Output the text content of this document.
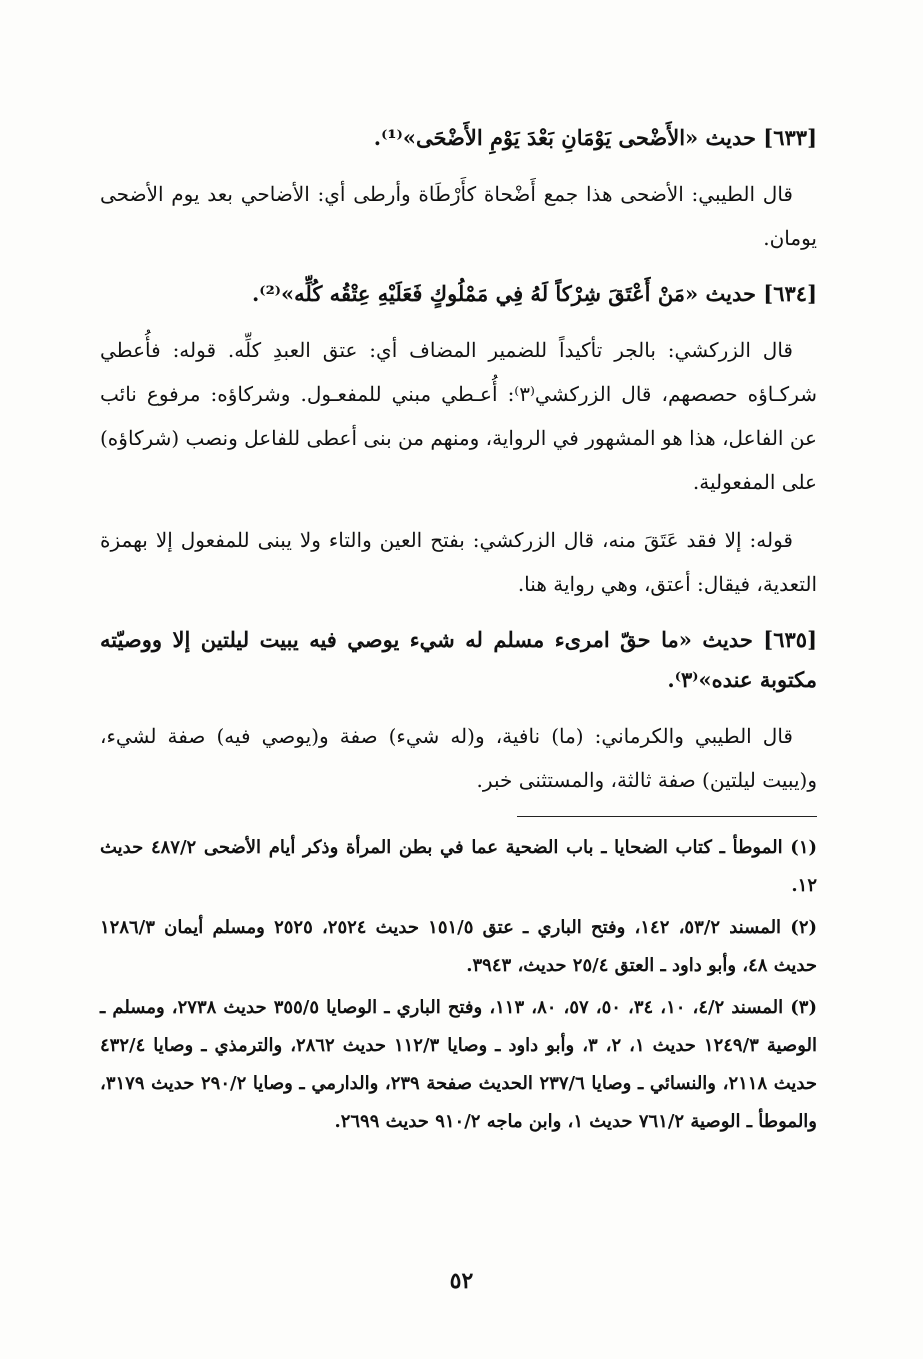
[٦٣٣] حديث «الأَضْحى يَوْمَانِ بَعْدَ يَوْمِ الأَضْحَى»⁽¹⁾.

قال الطيبي: الأضحى هذا جمع أَضْحاة كأَرْطَاة وأرطى أي: الأضاحي بعد يوم الأضحى يومان.

[٦٣٤] حديث «مَنْ أَعْتَقَ شِرْكاً لَهُ فِي مَمْلُوكٍ فَعَلَيْهِ عِتْقُه كُلِّه»⁽²⁾.

قال الزركشي: بالجر تأكيداً للضمير المضاف أي: عتق العبدِ كلِّه. قوله: فأُعطي شركـاؤه حصصهم، قال الزركشي⁽٣⁾: أُعـطي مبني للمفعـول. وشركاؤه: مرفوع نائب عن الفاعل، هذا هو المشهور في الرواية، ومنهم من بنى أعطى للفاعل ونصب (شركاؤه) على المفعولية.

قوله: إلا فقد عَتَقَ منه، قال الزركشي: بفتح العين والتاء ولا يبنى للمفعول إلا بهمزة التعدية، فيقال: أعتق، وهي رواية هنا.

[٦٣٥] حديث «ما حقّ امرىء مسلم له شيء يوصي فيه يبيت ليلتين إلا ووصيّته مكتوبة عنده»⁽٣⁾.

قال الطيبي والكرماني: (ما) نافية، و(له شيء) صفة و(يوصي فيه) صفة لشيء، و(يبيت ليلتين) صفة ثالثة، والمستثنى خبر.

(١) الموطأ ـ كتاب الضحايا ـ باب الضحية عما في بطن المرأة وذكر أيام الأضحى ٤٨٧/٢ حديث ١٢.

(٢) المسند ٥٣/٢، ١٤٢، وفتح الباري ـ عتق ١٥١/٥ حديث ٢٥٢٤، ٢٥٢٥ ومسلم أيمان ١٢٨٦/٣ حديث ٤٨، وأبو داود ـ العتق ٢٥/٤ حديث، ٣٩٤٣.

(٣) المسند ٤/٢، ١٠، ٣٤، ٥٠، ٥٧، ٨٠، ١١٣، وفتح الباري ـ الوصايا ٣٥٥/٥ حديث ٢٧٣٨، ومسلم ـ الوصية ١٢٤٩/٣ حديث ١، ٢، ٣، وأبو داود ـ وصايا ١١٢/٣ حديث ٢٨٦٢، والترمذي ـ وصايا ٤٣٢/٤ حديث ٢١١٨، والنسائي ـ وصايا ٢٣٧/٦ الحديث صفحة ٢٣٩، والدارمي ـ وصايا ٢٩٠/٢ حديث ٣١٧٩، والموطأ ـ الوصية ٧٦١/٢ حديث ١، وابن ماجه ٩١٠/٢ حديث ٢٦٩٩.

٥٢
